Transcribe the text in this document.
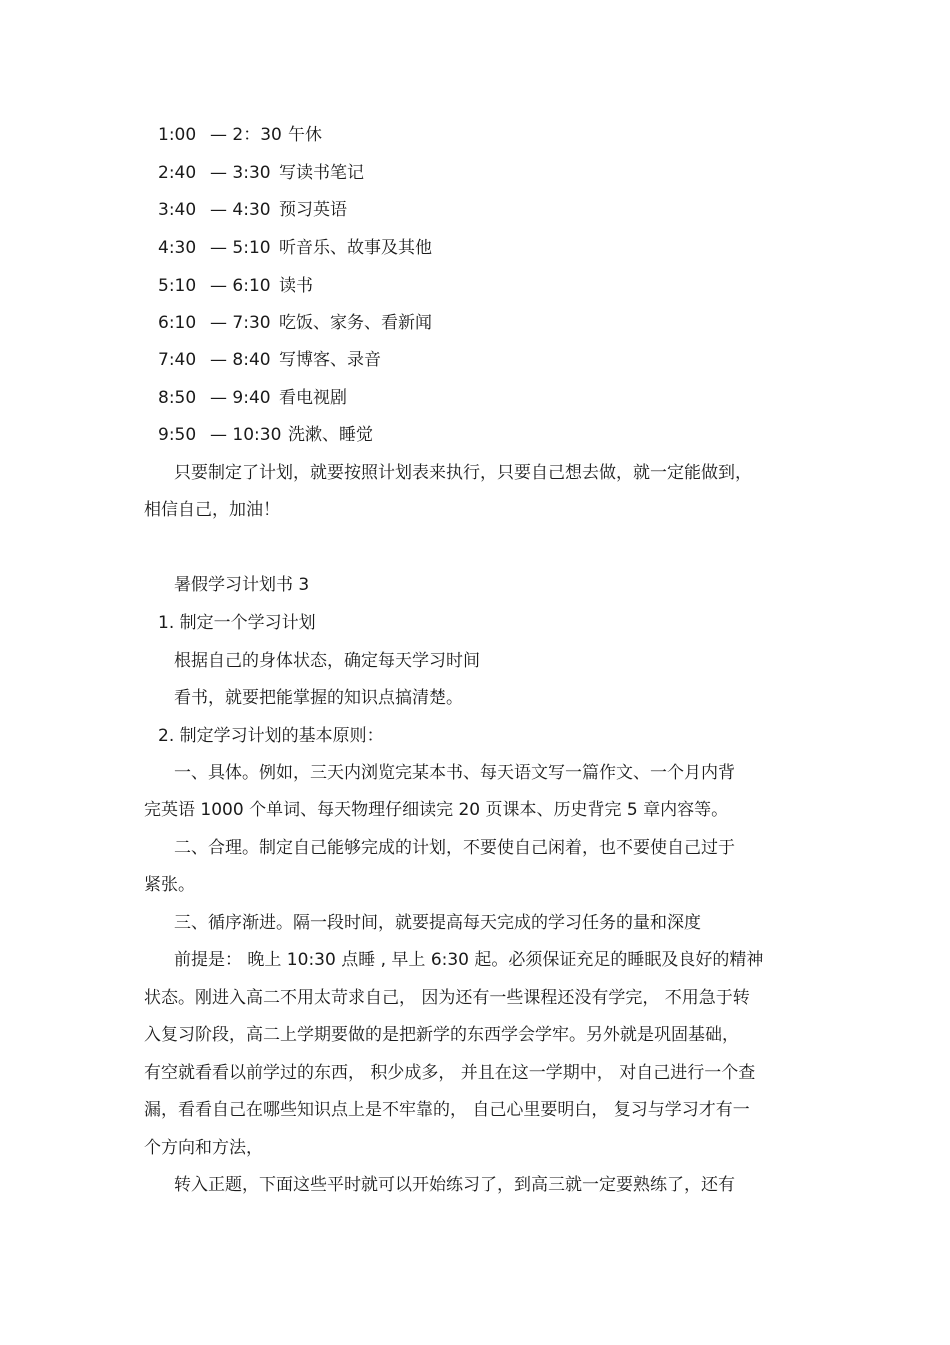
1:00 — 2：30 午休
2:40 — 3:30 写读书笔记
3:40 — 4:30 预习英语
4:30 — 5:10 听音乐、故事及其他
5:10 — 6:10 读书
6:10 — 7:30 吃饭、家务、看新闻
7:40 — 8:40 写博客、录音
8:50 — 9:40 看电视剧
9:50 — 10:30 洗漱、睡觉
只要制定了计划，就要按照计划表来执行，只要自己想去做，就一定能做到，
相信自己，加油！
暑假学习计划书 3
1. 制定一个学习计划
根据自己的身体状态，确定每天学习时间
看书，就要把能掌握的知识点搞清楚。
2. 制定学习计划的基本原则：
一、具体。例如，三天内浏览完某本书、每天语文写一篇作文、一个月内背
完英语 1000 个单词、每天物理仔细读完 20 页课本、历史背完 5 章内容等。
二、合理。制定自己能够完成的计划，不要使自己闲着，也不要使自己过于
紧张。
三、循序渐进。隔一段时间，就要提高每天完成的学习任务的量和深度
前提是： 晚上 10:30 点睡 , 早上 6:30 起。必须保证充足的睡眠及良好的精神
状态。刚进入高二不用太苛求自己， 因为还有一些课程还没有学完， 不用急于转
入复习阶段，高二上学期要做的是把新学的东西学会学牢。另外就是巩固基础，
有空就看看以前学过的东西， 积少成多， 并且在这一学期中， 对自己进行一个查
漏，看看自己在哪些知识点上是不牢靠的， 自己心里要明白， 复习与学习才有一
个方向和方法，
转入正题，下面这些平时就可以开始练习了，到高三就一定要熟练了，还有
